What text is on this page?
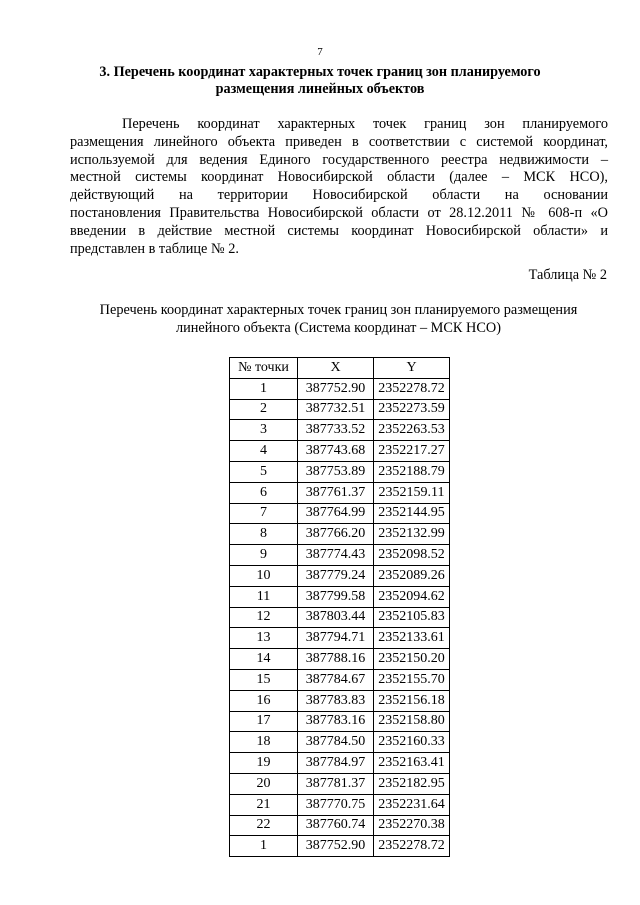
7
3. Перечень координат характерных точек границ зон планируемого
размещения линейных объектов
Перечень координат характерных точек границ зон планируемого
размещения линейного объекта приведен в соответствии с системой координат,
используемой для ведения Единого государственного реестра недвижимости –
местной системы координат Новосибирской области (далее – МСК НСО),
действующий на территории Новосибирской области на основании
постановления Правительства Новосибирской области от 28.12.2011 № 608-п «О
введении в действие местной системы координат Новосибирской области» и
представлен в таблице № 2.
Таблица № 2
Перечень координат характерных точек границ зон планируемого размещения
линейного объекта (Система координат – МСК НСО)
№ точки	X	Y
1	387752.90	2352278.72
2	387732.51	2352273.59
3	387733.52	2352263.53
4	387743.68	2352217.27
5	387753.89	2352188.79
6	387761.37	2352159.11
7	387764.99	2352144.95
8	387766.20	2352132.99
9	387774.43	2352098.52
10	387779.24	2352089.26
11	387799.58	2352094.62
12	387803.44	2352105.83
13	387794.71	2352133.61
14	387788.16	2352150.20
15	387784.67	2352155.70
16	387783.83	2352156.18
17	387783.16	2352158.80
18	387784.50	2352160.33
19	387784.97	2352163.41
20	387781.37	2352182.95
21	387770.75	2352231.64
22	387760.74	2352270.38
1	387752.90	2352278.72
